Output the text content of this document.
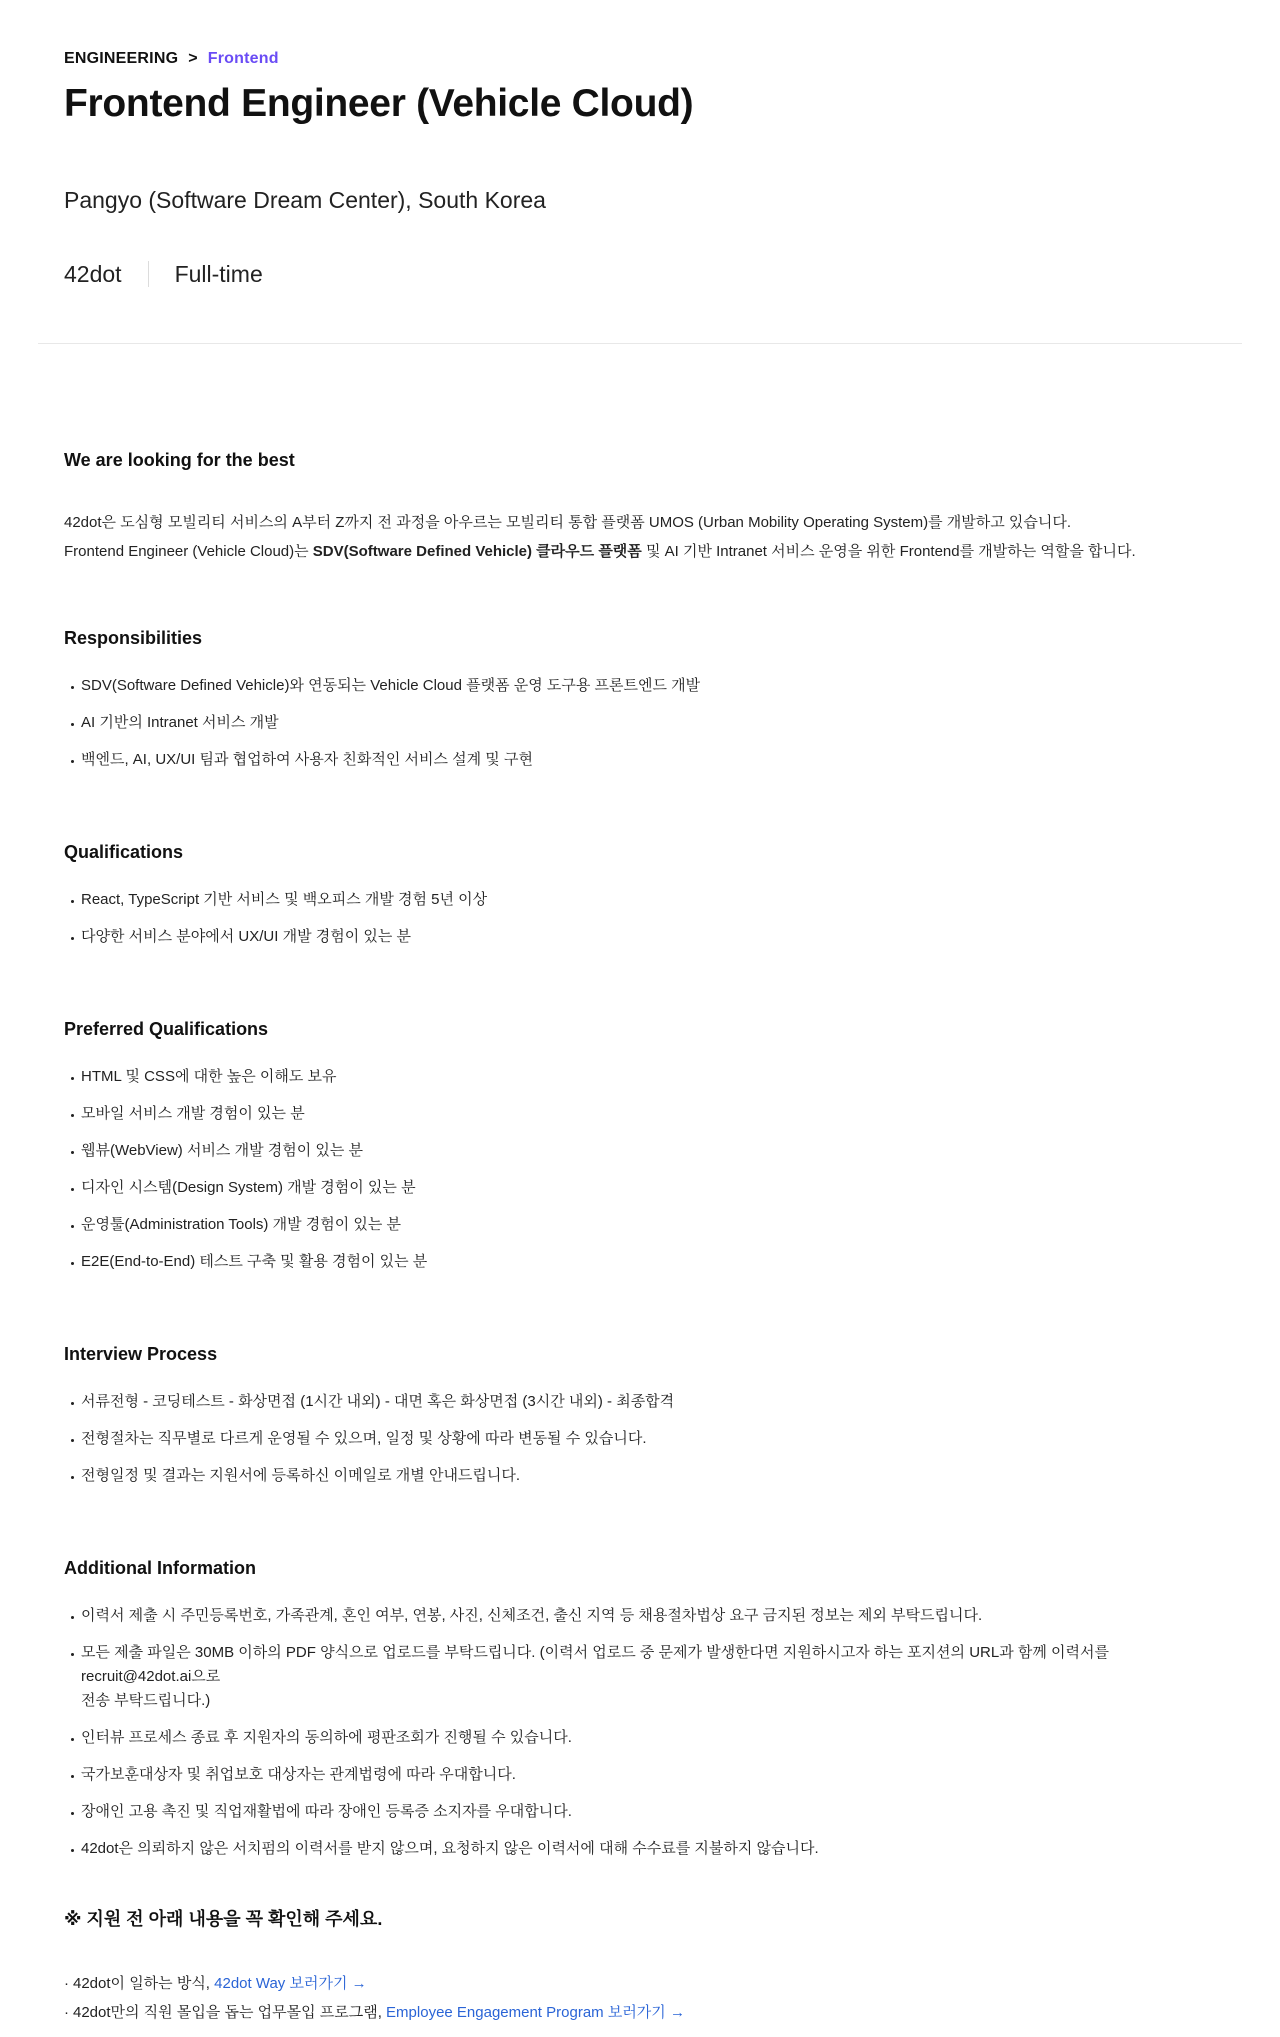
ENGINEERING > Frontend
Frontend Engineer (Vehicle Cloud)
Pangyo (Software Dream Center), South Korea
42dot Full-time
We are looking for the best

42dot은 도심형 모빌리티 서비스의 A부터 Z까지 전 과정을 아우르는 모빌리티 통합 플랫폼 UMOS (Urban Mobility Operating System)를 개발하고 있습니다.

Frontend Engineer (Vehicle Cloud)는 SDV(Software Defined Vehicle) 클라우드 플랫폼 및 AI 기반 Intranet 서비스 운영을 위한 Frontend를 개발하는 역할을 합니다.

Responsibilities
SDV(Software Defined Vehicle)와 연동되는 Vehicle Cloud 플랫폼 운영 도구용 프론트엔드 개발
AI 기반의 Intranet 서비스 개발
백엔드, AI, UX/UI 팀과 협업하여 사용자 친화적인 서비스 설계 및 구현
Qualifications
React, TypeScript 기반 서비스 및 백오피스 개발 경험 5년 이상
다양한 서비스 분야에서 UX/UI 개발 경험이 있는 분
Preferred Qualifications
HTML 및 CSS에 대한 높은 이해도 보유
모바일 서비스 개발 경험이 있는 분
웹뷰(WebView) 서비스 개발 경험이 있는 분
디자인 시스템(Design System) 개발 경험이 있는 분
운영툴(Administration Tools) 개발 경험이 있는 분
E2E(End-to-End) 테스트 구축 및 활용 경험이 있는 분
Interview Process
서류전형 - 코딩테스트 - 화상면접 (1시간 내외) - 대면 혹은 화상면접 (3시간 내외) - 최종합격
전형절차는 직무별로 다르게 운영될 수 있으며, 일정 및 상황에 따라 변동될 수 있습니다.
전형일정 및 결과는 지원서에 등록하신 이메일로 개별 안내드립니다.
Additional Information
이력서 제출 시 주민등록번호, 가족관계, 혼인 여부, 연봉, 사진, 신체조건, 출신 지역 등 채용절차법상 요구 금지된 정보는 제외 부탁드립니다.
모든 제출 파일은 30MB 이하의 PDF 양식으로 업로드를 부탁드립니다. (이력서 업로드 중 문제가 발생한다면 지원하시고자 하는 포지션의 URL과 함께 이력서를 recruit@42dot.ai으로
전송 부탁드립니다.)
인터뷰 프로세스 종료 후 지원자의 동의하에 평판조회가 진행될 수 있습니다.
국가보훈대상자 및 취업보호 대상자는 관계법령에 따라 우대합니다.
장애인 고용 촉진 및 직업재활법에 따라 장애인 등록증 소지자를 우대합니다.
42dot은 의뢰하지 않은 서치펌의 이력서를 받지 않으며, 요청하지 않은 이력서에 대해 수수료를 지불하지 않습니다.
※ 지원 전 아래 내용을 꼭 확인해 주세요.
· 42dot이 일하는 방식, 42dot Way 보러가기 →
· 42dot만의 직원 몰입을 돕는 업무몰입 프로그램, Employee Engagement Program 보러가기 →
